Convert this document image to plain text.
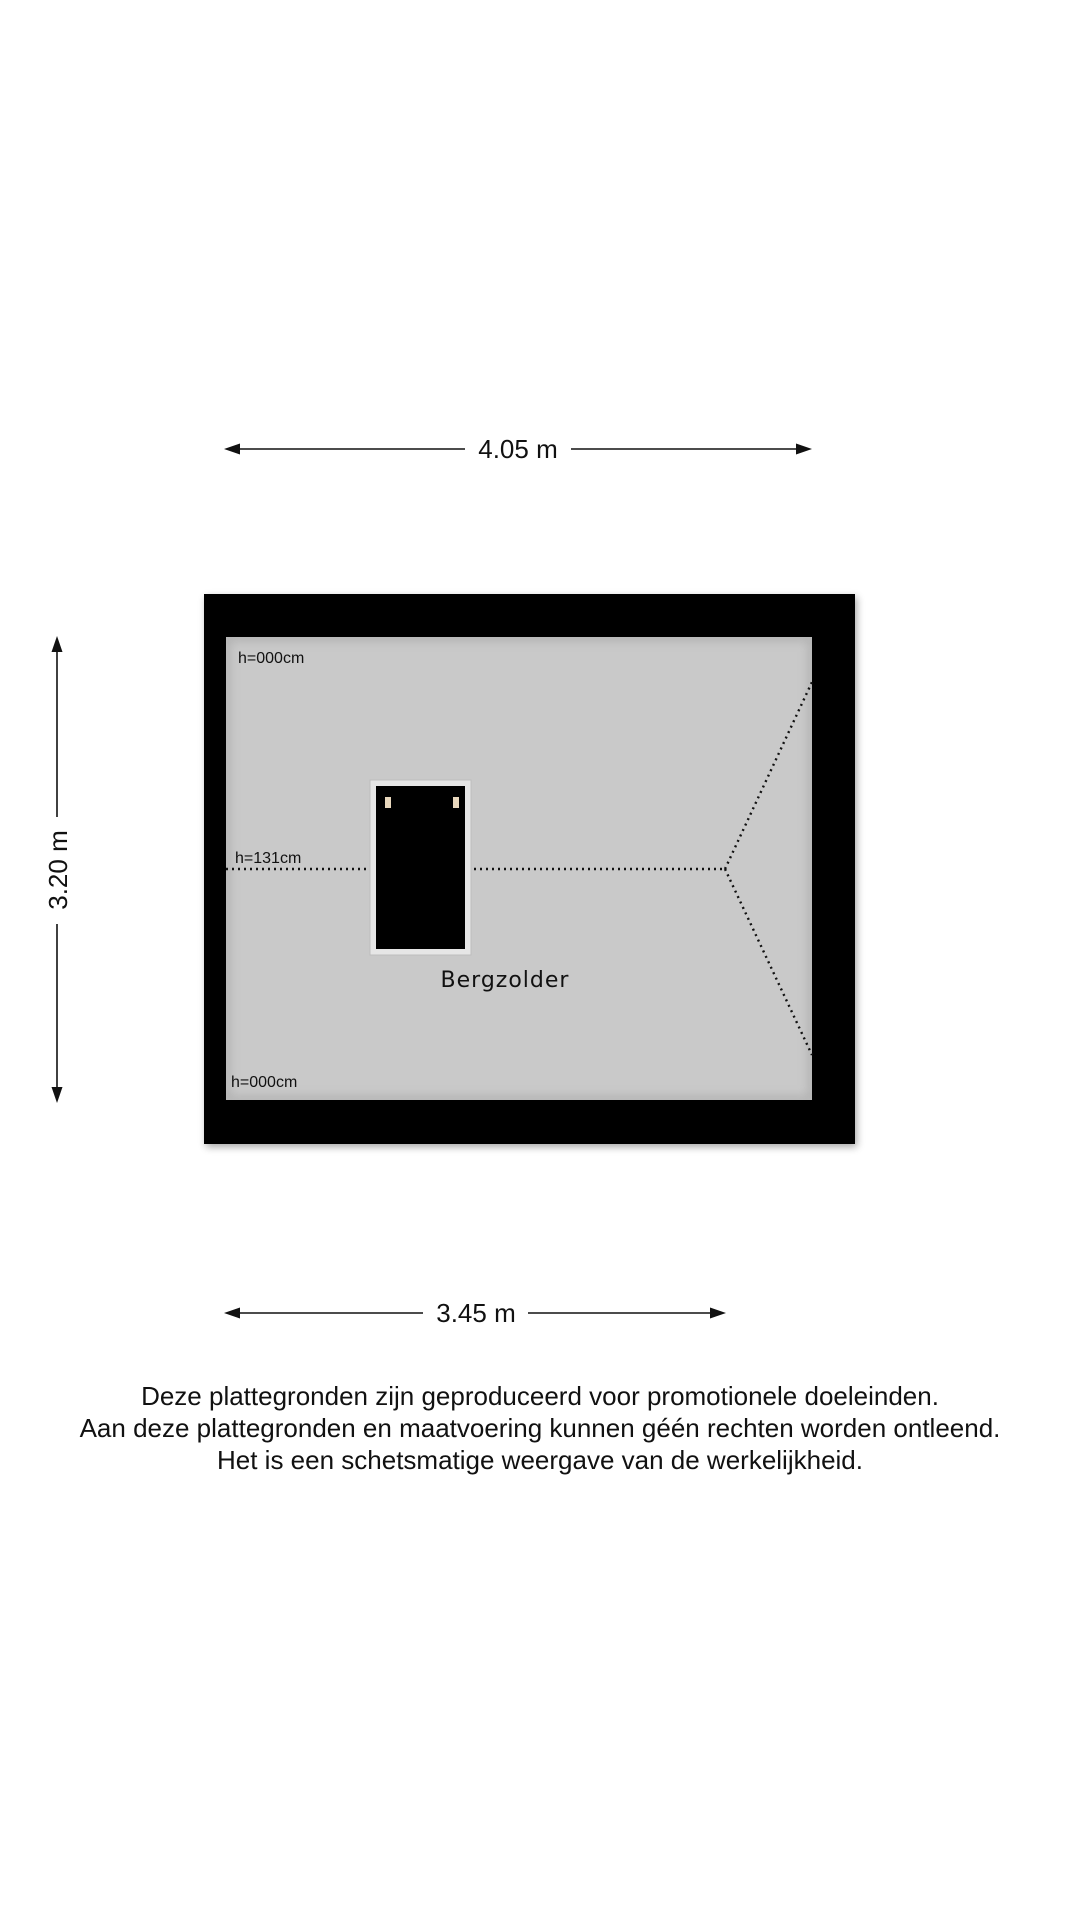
4.05 m
3.20 m
h=000cm
h=131cm
h=000cm
Bergzolder
3.45 m
Deze plattegronden zijn geproduceerd voor promotionele doeleinden.
Aan deze plattegronden en maatvoering kunnen géén rechten worden ontleend.
Het is een schetsmatige weergave van de werkelijkheid.
